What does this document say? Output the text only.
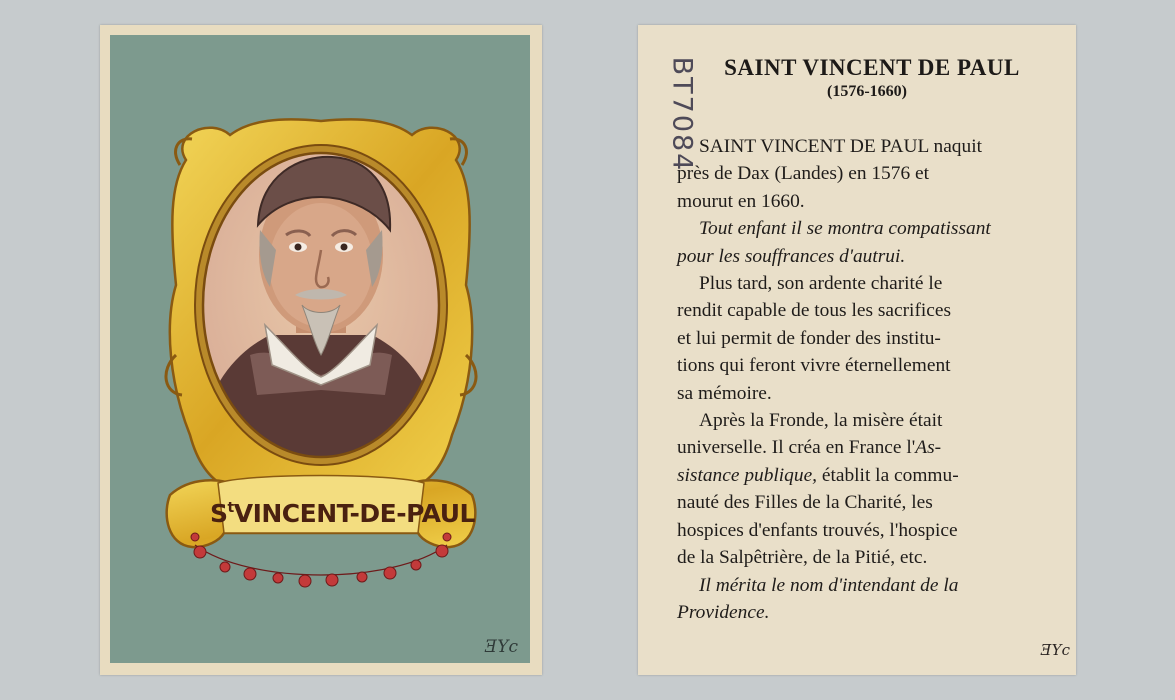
$S^tVINCENT-DE$-PAUL
ƎYc
BT7084	SAINT VINCENT DE PAUL
(1576-1660)
SAINT VINCENT DE PAUL naquit
près de Dax (Landes) en 1576 et
mourut en 1660.
Tout enfant il se montra compatissant
pour les souffrances d'autrui.
Plus tard, son ardente charité le
rendit capable de tous les sacrifices
et lui permit de fonder des institu-
tions qui feront vivre éternellement
sa mémoire.
Après la Fronde, la misère était
universelle. Il créa en France l'As-
sistance publique, établit la commu-
nauté des Filles de la Charité, les
hospices d'enfants trouvés, l'hospice
de la Salpêtrière, de la Pitié, etc.
Il mérita le nom d'intendant de la
Providence.
ƎYc
